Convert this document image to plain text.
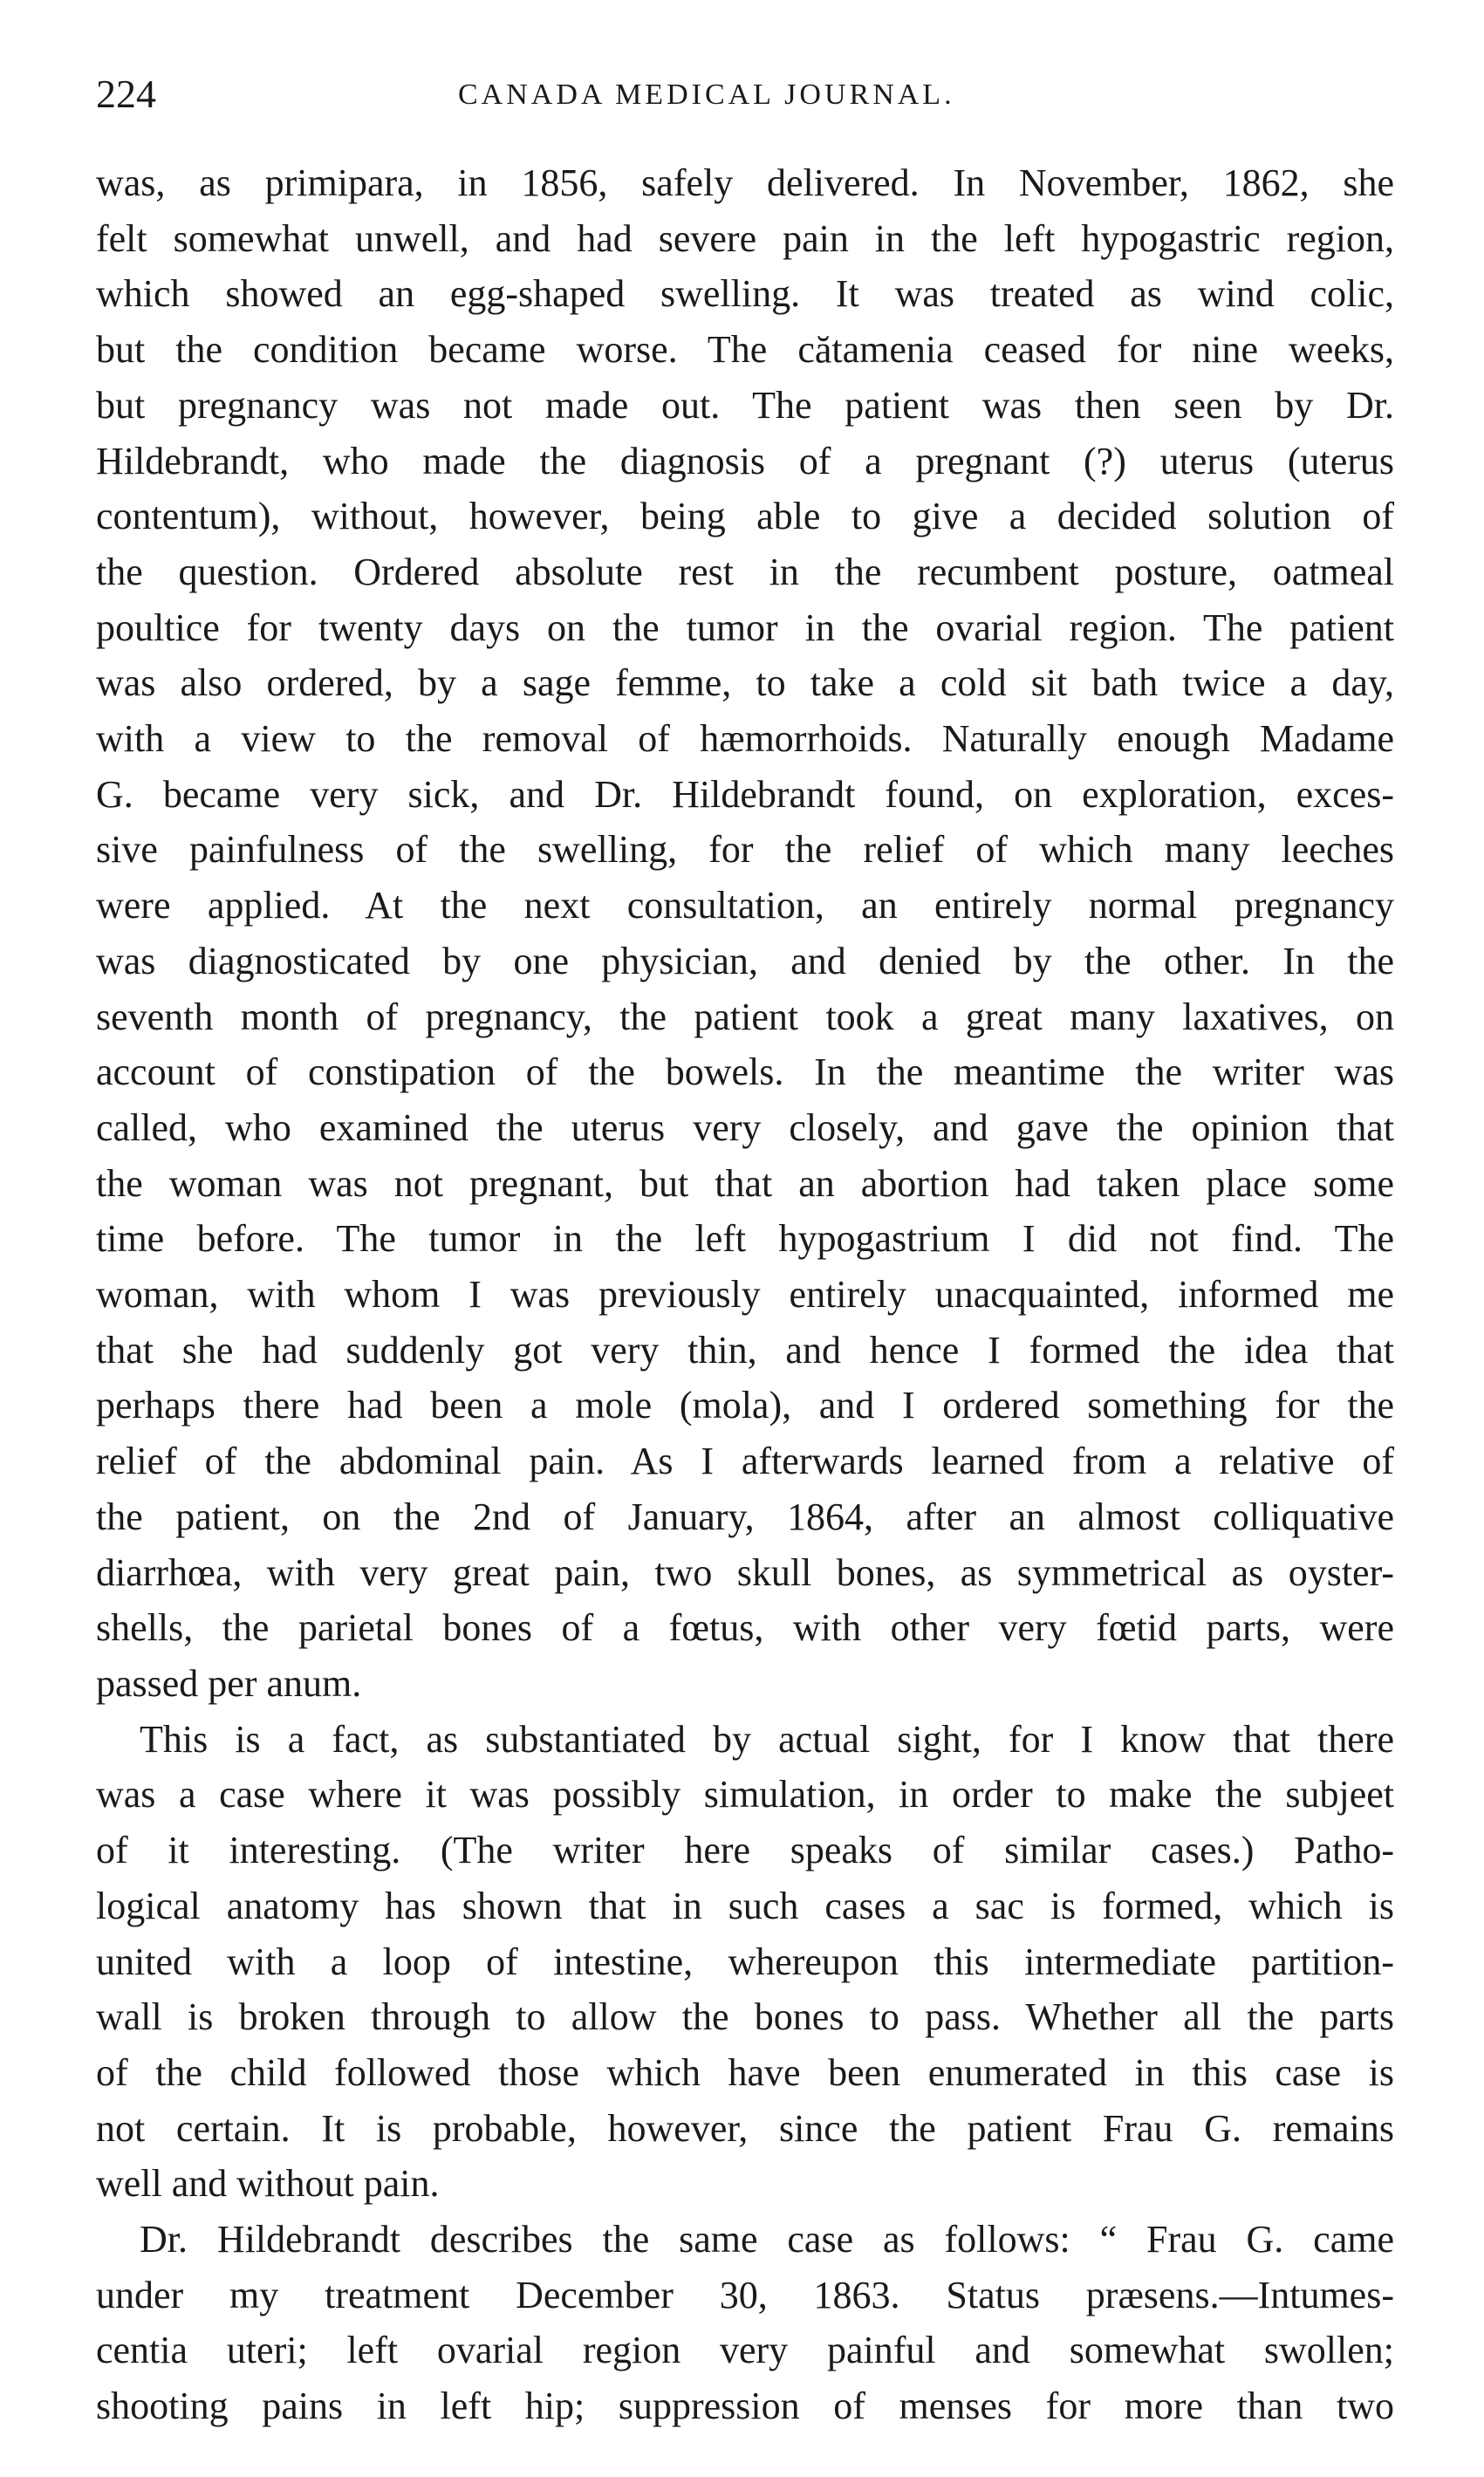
224	CANADA MEDICAL JOURNAL.
was, as primipara, in 1856, safely delivered. In November, 1862, she
felt somewhat unwell, and had severe pain in the left hypogastric region,
which showed an egg-shaped swelling. It was treated as wind colic,
but the condition became worse. The cătamenia ceased for nine weeks,
but pregnancy was not made out. The patient was then seen by Dr.
Hildebrandt, who made the diagnosis of a pregnant (?) uterus (uterus
contentum), without, however, being able to give a decided solution of
the question. Ordered absolute rest in the recumbent posture, oatmeal
poultice for twenty days on the tumor in the ovarial region. The patient
was also ordered, by a sage femme, to take a cold sit bath twice a day,
with a view to the removal of hæmorrhoids. Naturally enough Madame
G. became very sick, and Dr. Hildebrandt found, on exploration, exces-
sive painfulness of the swelling, for the relief of which many leeches
were applied. At the next consultation, an entirely normal pregnancy
was diagnosticated by one physician, and denied by the other. In the
seventh month of pregnancy, the patient took a great many laxatives, on
account of constipation of the bowels. In the meantime the writer was
called, who examined the uterus very closely, and gave the opinion that
the woman was not pregnant, but that an abortion had taken place some
time before. The tumor in the left hypogastrium I did not find. The
woman, with whom I was previously entirely unacquainted, informed me
that she had suddenly got very thin, and hence I formed the idea that
perhaps there had been a mole (mola), and I ordered something for the
relief of the abdominal pain. As I afterwards learned from a relative of
the patient, on the 2nd of January, 1864, after an almost colliquative
diarrhœa, with very great pain, two skull bones, as symmetrical as oyster-
shells, the parietal bones of a fœtus, with other very fœtid parts, were
passed per anum.
This is a fact, as substantiated by actual sight, for I know that there
was a case where it was possibly simulation, in order to make the subjeet
of it interesting. (The writer here speaks of similar cases.) Patho-
logical anatomy has shown that in such cases a sac is formed, which is
united with a loop of intestine, whereupon this intermediate partition-
wall is broken through to allow the bones to pass. Whether all the parts
of the child followed those which have been enumerated in this case is
not certain. It is probable, however, since the patient Frau G. remains
well and without pain.
Dr. Hildebrandt describes the same case as follows: “ Frau G. came
under my treatment December 30, 1863. Status præsens.—Intumes-
centia uteri; left ovarial region very painful and somewhat swollen;
shooting pains in left hip; suppression of menses for more than two
